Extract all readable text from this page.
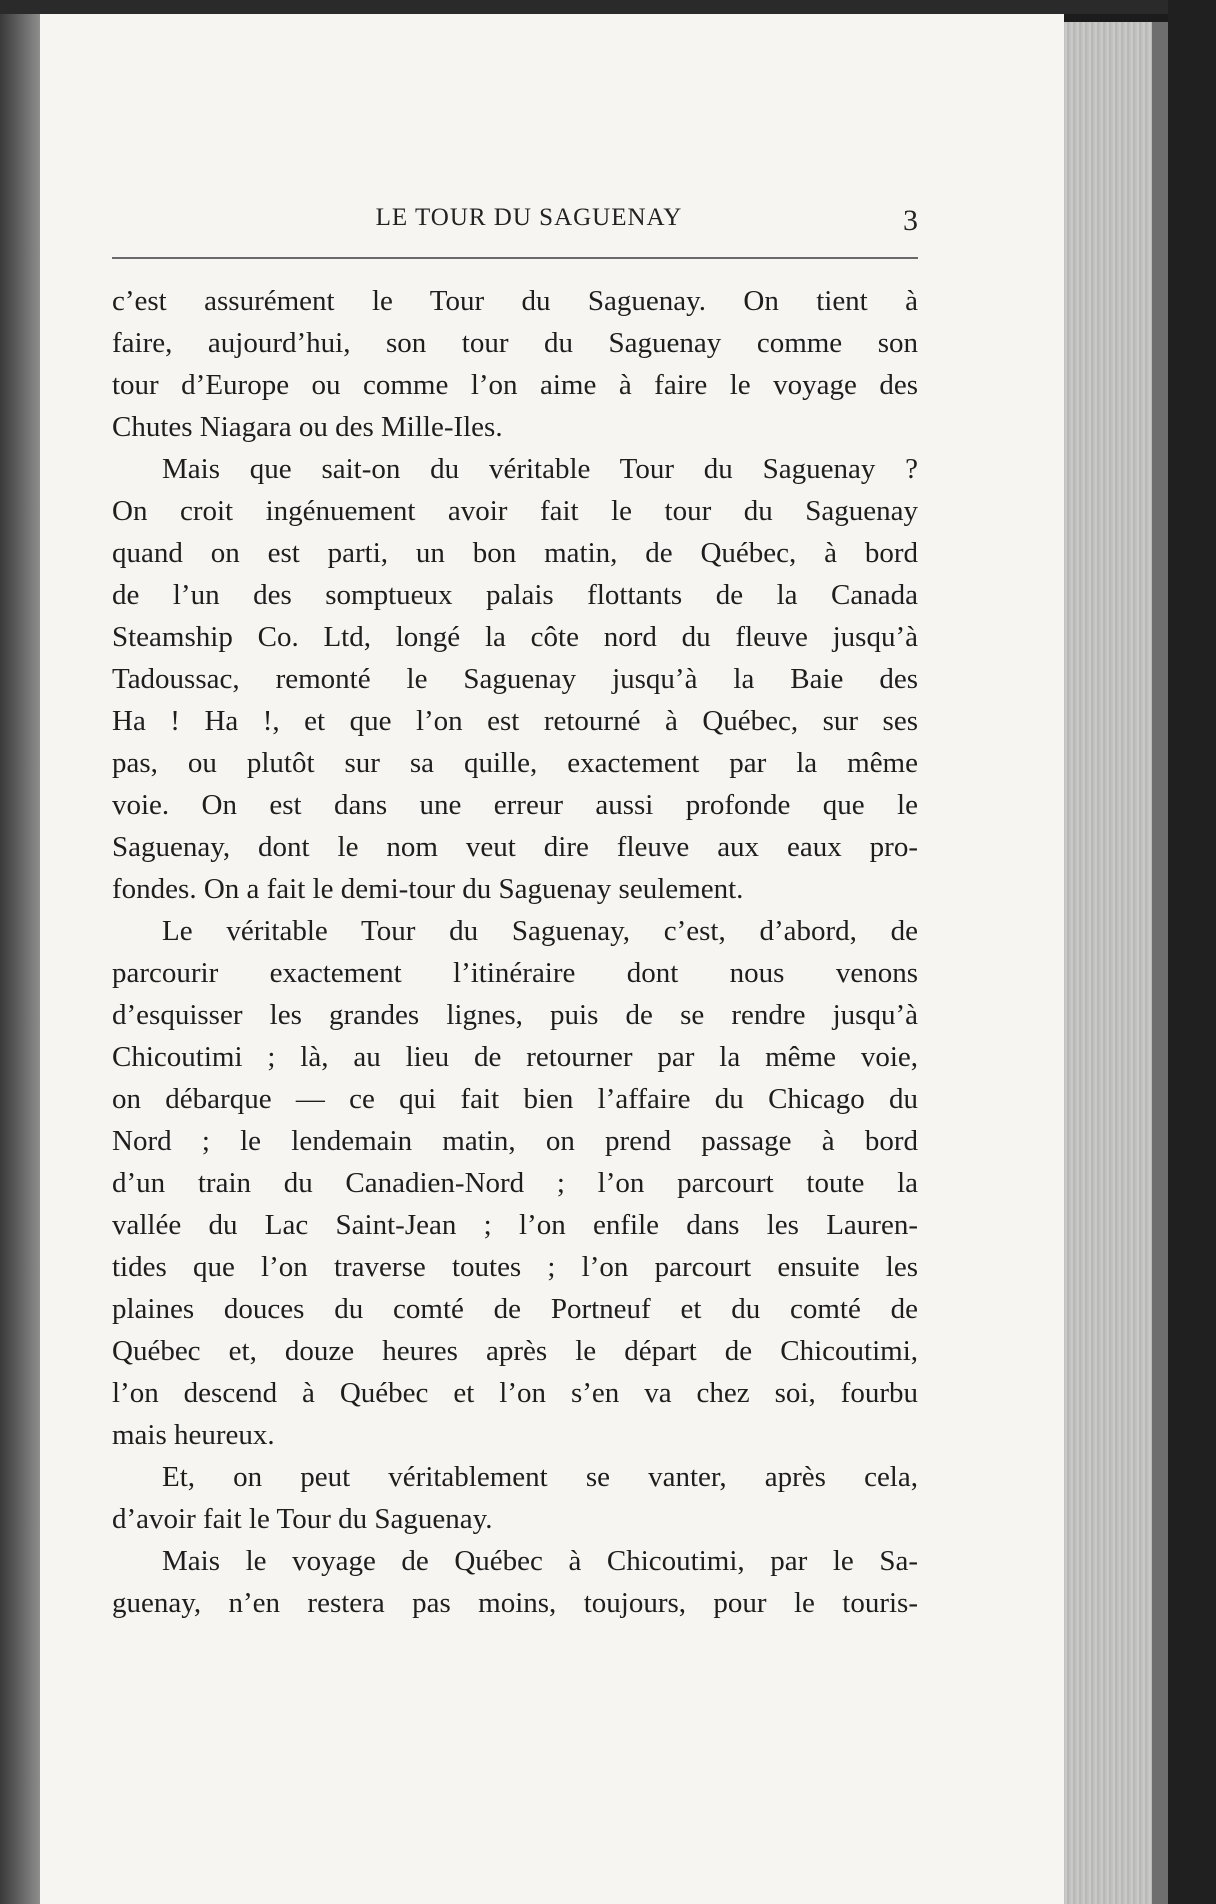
LE TOUR DU SAGUENAY	3
c’est assurément le Tour du Saguenay. On tient à
faire, aujourd’hui, son tour du Saguenay comme son
tour d’Europe ou comme l’on aime à faire le voyage des
Chutes Niagara ou des Mille-Iles.
Mais que sait-on du véritable Tour du Saguenay ?
On croit ingénuement avoir fait le tour du Saguenay
quand on est parti, un bon matin, de Québec, à bord
de l’un des somptueux palais flottants de la Canada
Steamship Co. Ltd, longé la côte nord du fleuve jusqu’à
Tadoussac, remonté le Saguenay jusqu’à la Baie des
Ha ! Ha !, et que l’on est retourné à Québec, sur ses
pas, ou plutôt sur sa quille, exactement par la même
voie. On est dans une erreur aussi profonde que le
Saguenay, dont le nom veut dire fleuve aux eaux pro-
fondes. On a fait le demi-tour du Saguenay seulement.
Le véritable Tour du Saguenay, c’est, d’abord, de
parcourir exactement l’itinéraire dont nous venons
d’esquisser les grandes lignes, puis de se rendre jusqu’à
Chicoutimi ; là, au lieu de retourner par la même voie,
on débarque — ce qui fait bien l’affaire du Chicago du
Nord ; le lendemain matin, on prend passage à bord
d’un train du Canadien-Nord ; l’on parcourt toute la
vallée du Lac Saint-Jean ; l’on enfile dans les Lauren-
tides que l’on traverse toutes ; l’on parcourt ensuite les
plaines douces du comté de Portneuf et du comté de
Québec et, douze heures après le départ de Chicoutimi,
l’on descend à Québec et l’on s’en va chez soi, fourbu
mais heureux.
Et, on peut véritablement se vanter, après cela,
d’avoir fait le Tour du Saguenay.
Mais le voyage de Québec à Chicoutimi, par le Sa-
guenay, n’en restera pas moins, toujours, pour le touris-
